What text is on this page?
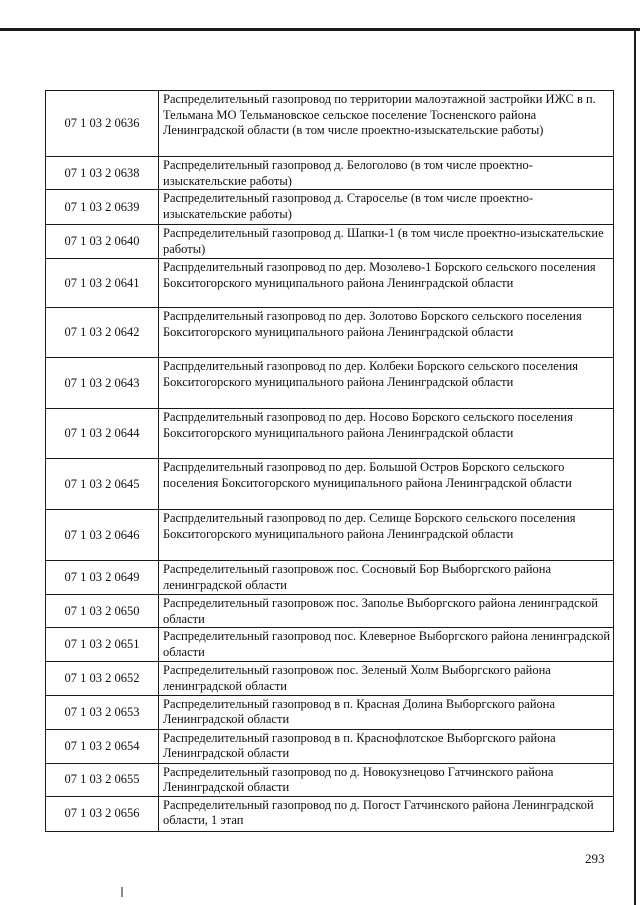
07 1 03 2 0636	Распределительный газопровод по территории малоэтажной застройки ИЖС в п. Тельмана МО Тельмановское сельское поселение Тосненского района Ленинградской области (в том числе проектно-изыскательские работы)
07 1 03 2 0638	Распределительный газопровод д. Белоголово (в том числе проектно-изыскательские работы)
07 1 03 2 0639	Распределительный газопровод д. Староселье (в том числе проектно-изыскательские работы)
07 1 03 2 0640	Распределительный газопровод д. Шапки-1 (в том числе проектно-изыскательские работы)
07 1 03 2 0641	Распрделительный газопровод по дер. Мозолево-1 Борского сельского поселения Бокситогорского муниципального района Ленинградской области
07 1 03 2 0642	Распрделительный газопровод по дер. Золотово Борского сельского поселения Бокситогорского муниципального района Ленинградской области
07 1 03 2 0643	Распрделительный газопровод по дер. Колбеки Борского сельского поселения Бокситогорского муниципального района Ленинградской области
07 1 03 2 0644	Распрделительный газопровод по дер. Носово Борского сельского поселения Бокситогорского муниципального района Ленинградской области
07 1 03 2 0645	Распрделительный газопровод по дер. Большой Остров Борского сельского поселения Бокситогорского муниципального района Ленинградской области
07 1 03 2 0646	Распрделительный газопровод по дер. Селище Борского сельского поселения Бокситогорского муниципального района Ленинградской области
07 1 03 2 0649	Распределительный газопровож пос. Сосновый Бор Выборгского района ленинградской области
07 1 03 2 0650	Распределительный газопровож пос. Заполье Выборгского района ленинградской области
07 1 03 2 0651	Распределительный газопровод пос. Клеверное Выборгского района ленинградской области
07 1 03 2 0652	Распределительный газопровож пос. Зеленый Холм Выборгского района ленинградской области
07 1 03 2 0653	Распределительный газопровод в п. Красная Долина Выборгского района Ленинградской области
07 1 03 2 0654	Распределительный газопровод в п. Краснофлотское Выборгского района Ленинградской области
07 1 03 2 0655	Распределительный газопровод по д. Новокузнецово Гатчинского района Ленинградской области
07 1 03 2 0656	Распределительный газопровод по д. Погост Гатчинского района Ленинградской области, 1 этап
293
